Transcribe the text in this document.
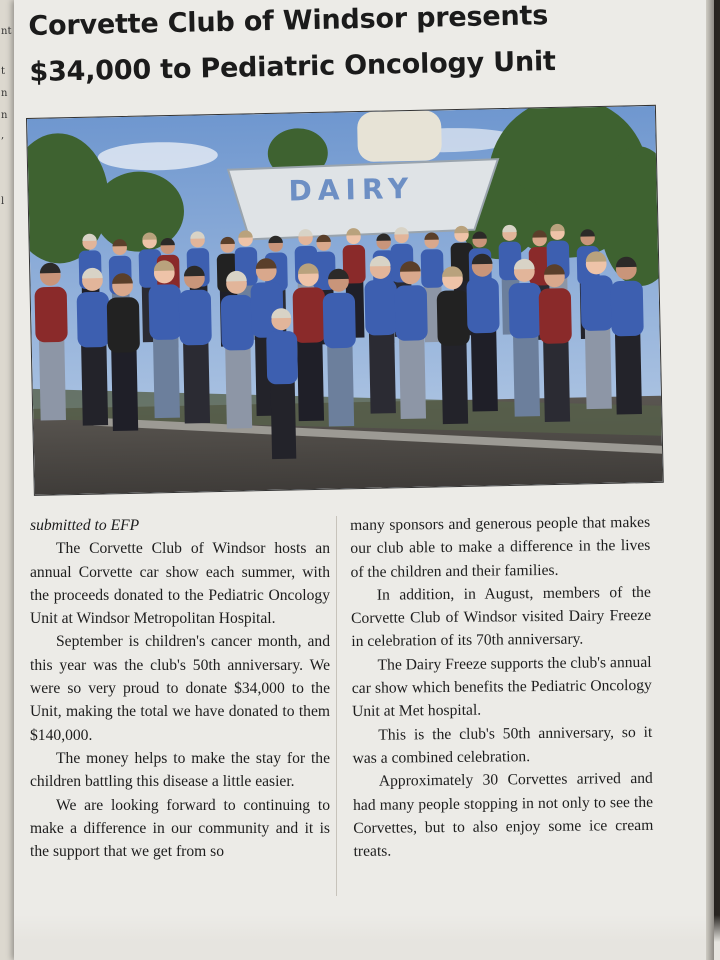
nt
t
n
n
,
l
Corvette Club of Windsor presents
$34,000 to Pediatric Oncology Unit
DAIRY

submitted to EFP

The Corvette Club of Windsor hosts an annual Corvette car show each summer, with the proceeds donated to the Pediatric Oncology Unit at Windsor Metropolitan Hospital.

September is children's cancer month, and this year was the club's 50th anniversary. We were so very proud to donate $34,000 to the Unit, making the total we have donated to them $140,000.

The money helps to make the stay for the children battling this disease a little easier.

We are looking forward to continuing to make a difference in our community and it is the support that we get from so

many sponsors and generous people that makes our club able to make a difference in the lives of the children and their families.

In addition, in August, members of the Corvette Club of Windsor visited Dairy Freeze in celebration of its 70th anniversary.

The Dairy Freeze supports the club's annual car show which benefits the Pediatric Oncology Unit at Met hospital.

This is the club's 50th anniversary, so it was a combined celebration.

Approximately 30 Corvettes arrived and had many people stopping in not only to see the Corvettes, but to also enjoy some ice cream treats.
